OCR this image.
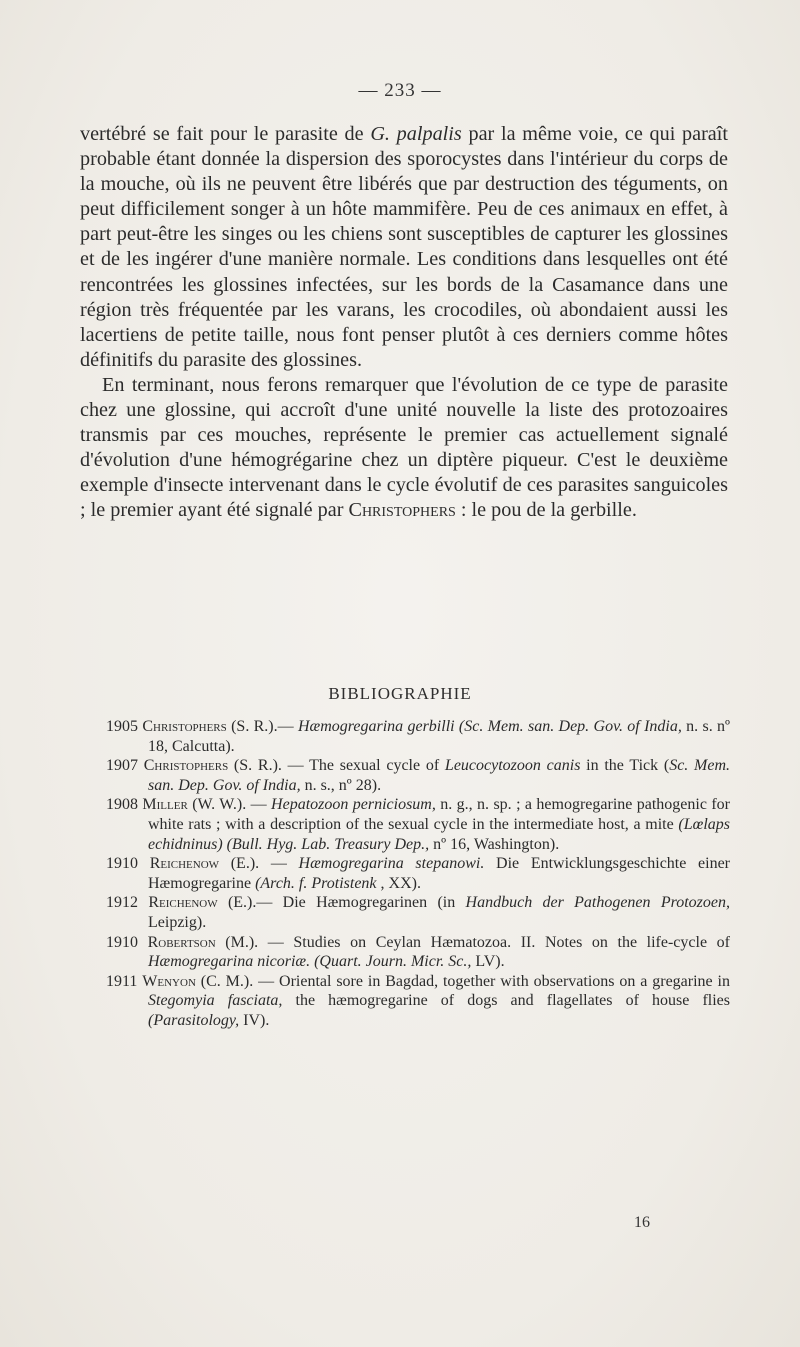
— 233 —

vertébré se fait pour le parasite de G. palpalis par la même voie, ce qui paraît probable étant donnée la dispersion des sporocystes dans l'intérieur du corps de la mouche, où ils ne peuvent être libérés que par destruction des téguments, on peut difficilement songer à un hôte mammifère. Peu de ces animaux en effet, à part peut-être les singes ou les chiens sont susceptibles de capturer les glossines et de les ingérer d'une manière normale. Les conditions dans lesquelles ont été rencontrées les glossines infectées, sur les bords de la Casamance dans une région très fréquentée par les varans, les crocodiles, où abondaient aussi les lacertiens de petite taille, nous font penser plutôt à ces derniers comme hôtes définitifs du parasite des glossines.

En terminant, nous ferons remarquer que l'évolution de ce type de parasite chez une glossine, qui accroît d'une unité nouvelle la liste des protozoaires transmis par ces mouches, représente le premier cas actuellement signalé d'évolution d'une hémogrégarine chez un diptère piqueur. C'est le deuxième exemple d'insecte intervenant dans le cycle évolutif de ces parasites sanguicoles ; le premier ayant été signalé par Christophers : le pou de la gerbille.

BIBLIOGRAPHIE

1905 Christophers (S. R.).— Hæmogregarina gerbilli (Sc. Mem. san. Dep. Gov. of India, n. s. nº 18, Calcutta).

1907 Christophers (S. R.). — The sexual cycle of Leucocytozoon canis in the Tick (Sc. Mem. san. Dep. Gov. of India, n. s., nº 28).

1908 Miller (W. W.). — Hepatozoon perniciosum, n. g., n. sp. ; a hemogregarine pathogenic for white rats ; with a description of the sexual cycle in the intermediate host, a mite (Lœlaps echidninus) (Bull. Hyg. Lab. Treasury Dep., nº 16, Washington).

1910 Reichenow (E.). — Hæmogregarina stepanowi. Die Entwicklungsgeschichte einer Hæmogregarine (Arch. f. Protistenk , XX).

1912 Reichenow (E.).— Die Hæmogregarinen (in Handbuch der Pathogenen Protozoen, Leipzig).

1910 Robertson (M.). — Studies on Ceylan Hæmatozoa. II. Notes on the life-cycle of Hæmogregarina nicoriæ. (Quart. Journ. Micr. Sc., LV).

1911 Wenyon (C. M.). — Oriental sore in Bagdad, together with observations on a gregarine in Stegomyia fasciata, the hæmogregarine of dogs and flagellates of house flies (Parasitology, IV).

16
